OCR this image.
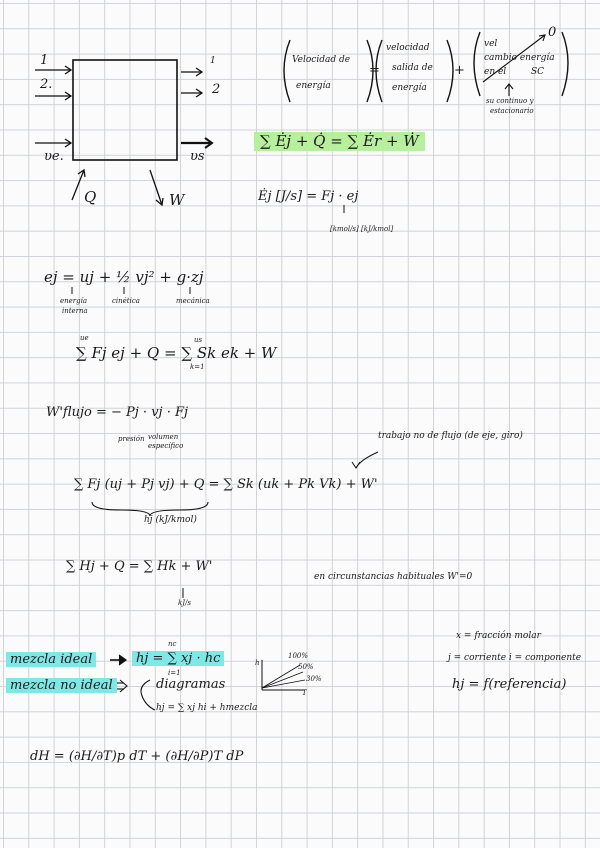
1
2.
υe.
1
2
υs
Q	W
Velocidad de
energía
=
velocidad
salida de
energía
+
vel
cambio energía
en el	SC
0
su continuo y
estacionario
∑ Ėj + Q̇ = ∑ Ėr + Ẇ
Ėj [J/s] = Fj · ej
[kmol/s] [kJ/kmol]
ej = uj + ½ vj² + g·zj
energía
interna
cinética	mecánica
ue	us
∑ Fj ej + Q = ∑ Sk ek + W
k=1
W'flujo = − Pj · vj · Fj
presión volumen
específico
∑ Fj (uj + Pj vj) + Q = ∑ Sk (uk + Pk Vk) + W'
trabajo no de flujo (de eje, giro)
hj (kJ/kmol)
∑ Hj + Q = ∑ Hk + W'
kJ/s
en circunstancias habituales W'=0
mezcla ideal
nc
hj = ∑ xj · hc
i=1
mezcla no ideal	diagramas
hj = ∑ xj hi + hmezcla
h
T
100%
50%
30%
x = fracción molar
j = corriente i = componente
hj = f(referencia)
dH = (∂H/∂T)p dT + (∂H/∂P)T dP
